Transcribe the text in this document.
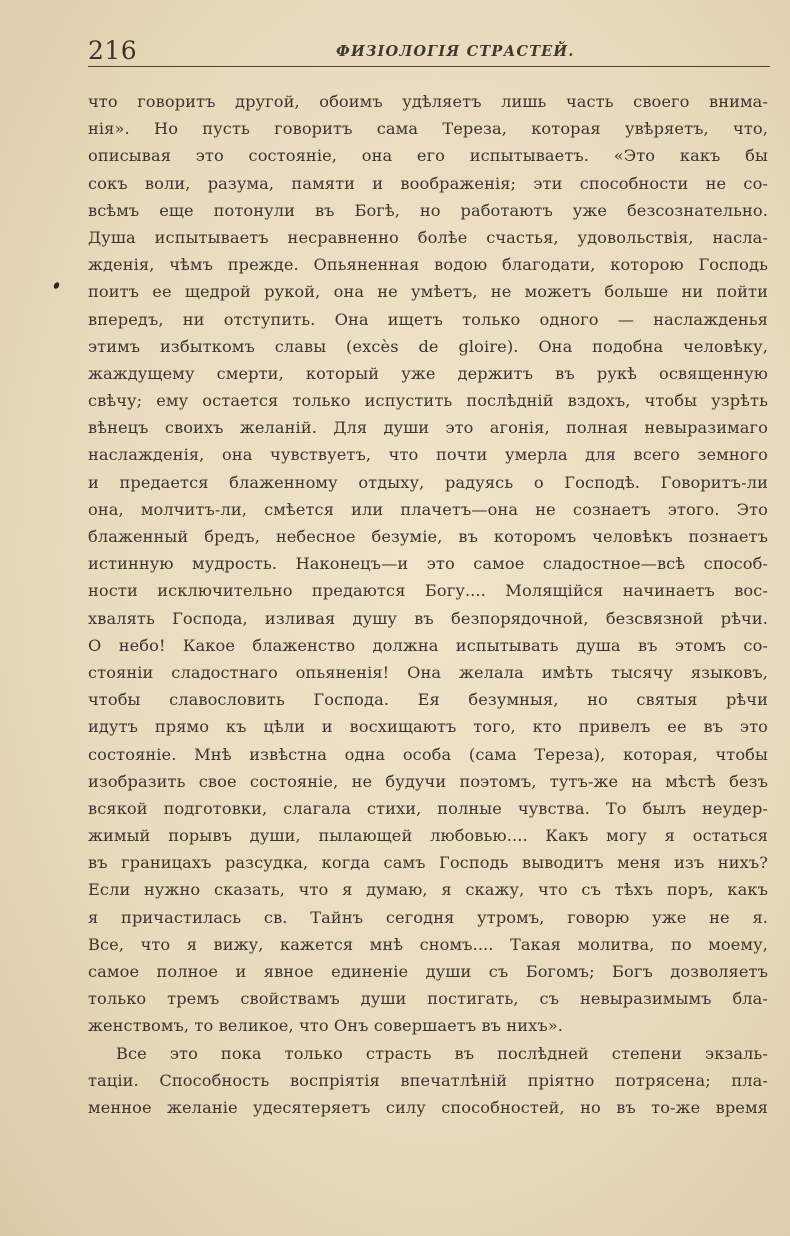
216	ФИЗІОЛОГІЯ СТРАСТЕЙ.
что говоритъ другой, обоимъ удѣляетъ лишь часть своего внима-
нія». Но пусть говоритъ сама Тереза, которая увѣряетъ, что,
описывая это состояніе, она его испытываетъ. «Это какъ бы
сокъ воли, разума, памяти и воображенія; эти способности не со-
всѣмъ еще потонули въ Богѣ, но работаютъ уже безсознательно.
Душа испытываетъ несравненно болѣе счастья, удовольствія, насла-
жденія, чѣмъ прежде. Опьяненная водою благодати, которою Господь
поитъ ее щедрой рукой, она не умѣетъ, не можетъ больше ни пойти
впередъ, ни отступить. Она ищетъ только одного — наслажденья
этимъ избыткомъ славы (excès de gloire). Она подобна человѣку,
жаждущему смерти, который уже держитъ въ рукѣ освященную
свѣчу; ему остается только испустить послѣдній вздохъ, чтобы узрѣть
вѣнецъ своихъ желаній. Для души это агонія, полная невыразимаго
наслажденія, она чувствуетъ, что почти умерла для всего земного
и предается блаженному отдыху, радуясь о Господѣ. Говоритъ-ли
она, молчитъ-ли, смѣется или плачетъ—она не сознаетъ этого. Это
блаженный бредъ, небесное безуміе, въ которомъ человѣкъ познаетъ
истинную мудрость. Наконецъ—и это самое сладостное—всѣ способ-
ности исключительно предаются Богу.... Молящійся начинаетъ вос-
хвалять Господа, изливая душу въ безпорядочной, безсвязной рѣчи.
О небо! Какое блаженство должна испытывать душа въ этомъ со-
стояніи сладостнаго опьяненія! Она желала имѣть тысячу языковъ,
чтобы славословить Господа. Ея безумныя, но святыя рѣчи
идутъ прямо къ цѣли и восхищаютъ того, кто привелъ ее въ это
состояніе. Мнѣ извѣстна одна особа (сама Тереза), которая, чтобы
изобразить свое состояніе, не будучи поэтомъ, тутъ-же на мѣстѣ безъ
всякой подготовки, слагала стихи, полные чувства. То былъ неудер-
жимый порывъ души, пылающей любовью.... Какъ могу я остаться
въ границахъ разсудка, когда самъ Господь выводитъ меня изъ нихъ?
Если нужно сказать, что я думаю, я скажу, что съ тѣхъ поръ, какъ
я причастилась св. Тайнъ сегодня утромъ, говорю уже не я.
Все, что я вижу, кажется мнѣ сномъ.... Такая молитва, по моему,
самое полное и явное единеніе души съ Богомъ; Богъ дозволяетъ
только тремъ свойствамъ души постигать, съ невыразимымъ бла-
женствомъ, то великое, что Онъ совершаетъ въ нихъ».
Все это пока только страсть въ послѣдней степени экзаль-
таціи. Способность воспріятія впечатлѣній пріятно потрясена; пла-
менное желаніе удесятеряетъ силу способностей, но въ то-же время
